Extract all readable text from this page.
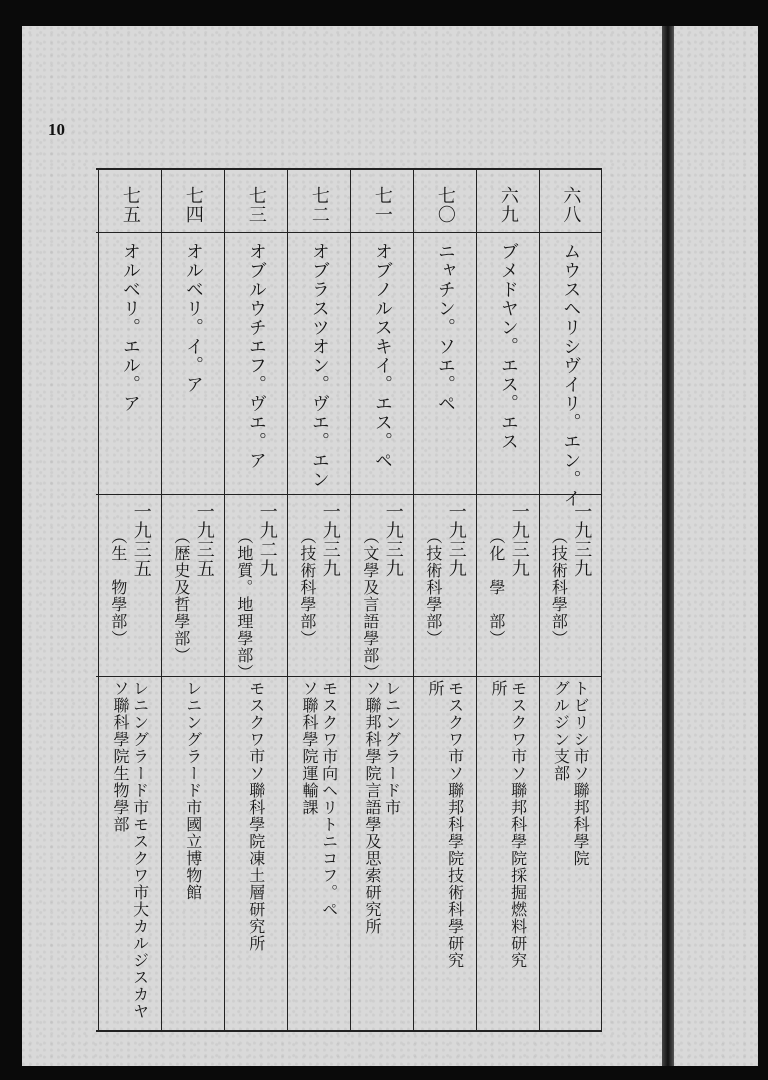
10
六八
ムウスヘリシヴイリ。エン。イ
一九三九
（技術科學部）
トビリシ市ソ聯邦科學院
グルジン支部
六九
ブメドヤン。エス。エス
一九三九
（化　學　部）
モスクワ市ソ聯邦科學院採掘燃料研究
所
七〇
ニャチン。ソエ。ペ
一九三九
（技術科學部）
モスクワ市ソ聯邦科學院技術科學研究
所
七一
オブノルスキイ。エス。ペ
一九三九
（文學及言語學部）
レニングラード市
ソ聯邦科學院言語學及思索研究所
七二
オブラスツオン。ヴエ。エン
一九三九
（技術科學部）
モスクワ市向ヘリトニコフ。ペ
ソ聯科學院運輸課
七三
オブルウチエフ。ヴエ。ア
一九二九
（地質。地理學部）
モスクワ市ソ聯科學院凍土層研究所
七四
オルベリ。イ。ア
一九三五
（歴史及哲學部）
レニングラード市國立博物館
七五
オルベリ。エル。ア
一九三五
（生　物學部）
レニングラード市モスクワ市大カルジスカヤ
ソ聯科學院生物學部
